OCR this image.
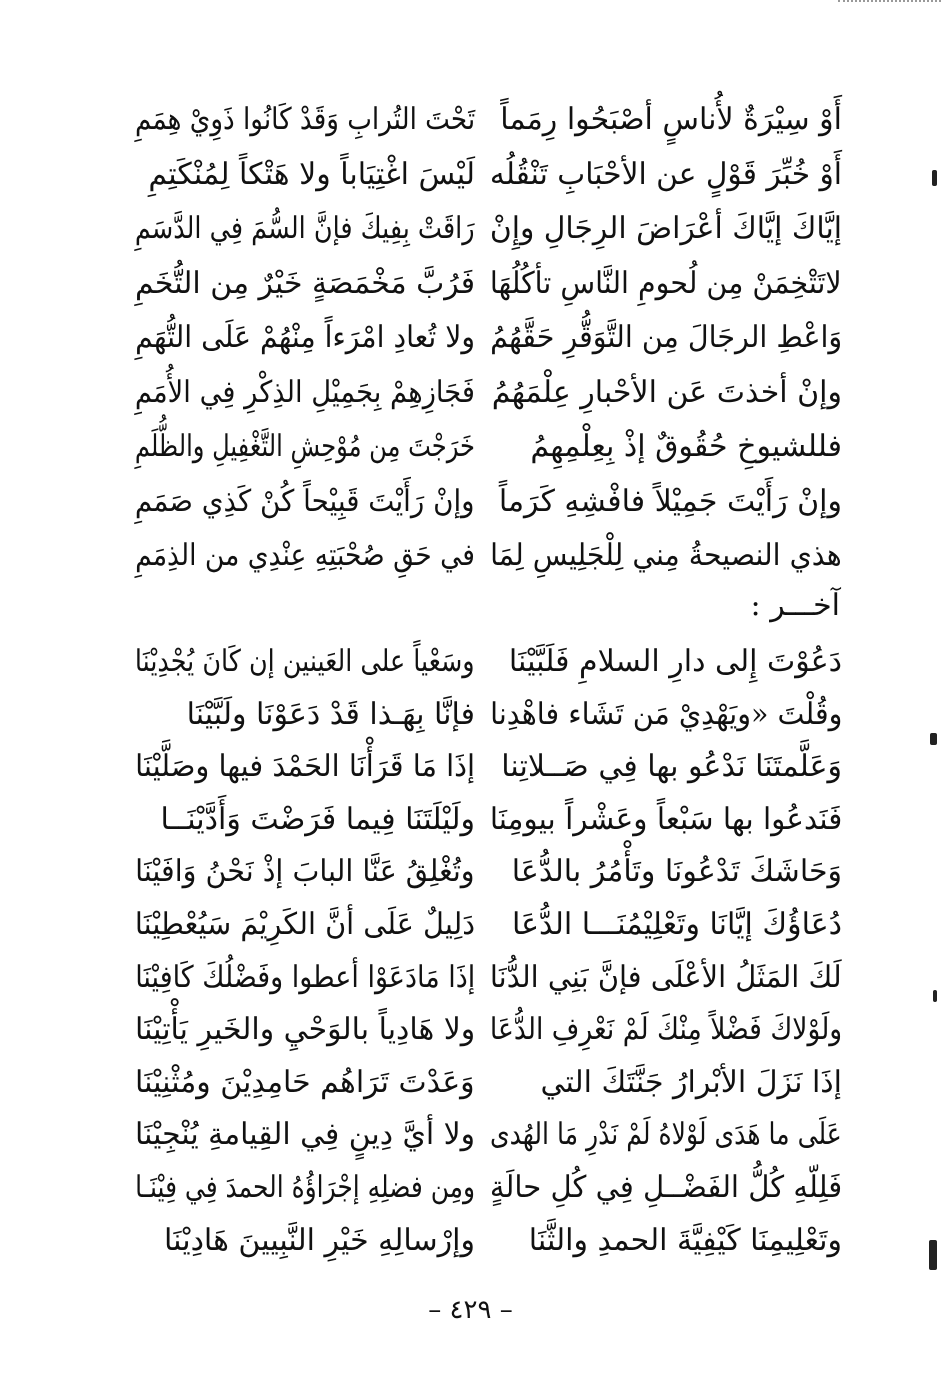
أَوْ سِيْرَةٌ لأُناسٍ أصْبَحُوا رِمَماً
تَحْتَ التُرابِ وَقَدْ كَانُوا ذَوِيْ هِمَمِ
أَوْ خُبِّرَ قَوْلٍ عن الأحْبَابِ تَنْقُلُه
لَيْسَ اغْتِيَاباً ولا هَتْكاً لِمُنْكَتِمِ
إيَّاكَ إيَّاكَ أعْرَاضَ الرِجَالِ وإِنْ
رَاقَتْ بِفِيكَ فإنَّ السُّمَ فِي الدَّسَمِ
لاتَتْخِمَنْ مِن لُحومِ النَّاسِ تأكُلُهَا
فَرُبَّ مَخْمَصَةٍ خَيْرٌ مِن التُّخَمِ
وَاعْطِ الرجَالَ مِن التَّوَقُّرِ حَقَّهُمُ
ولا تُعادِ امْرَءاً مِنْهُمْ عَلَى التُّهَمِ
وإنْ أخذتَ عَن الأحْبارِ عِلْمَهُمُ
فَجَازِهِمْ بِجَمِيْلِ الذِكْرِ فِي الأُمَمِ
فللشيوخِ حُقُوقٌ إذْ بِعِلْمِهِمُ
خَرَجْتَ مِن مُوْحِشِ التَّغْفِيلِ والظُّلَمِ
وإنْ رَأَيْتَ جَمِيْلاً فافْشِهِ كَرَماً
وإنْ رَأَيْتَ قَبِيْحاً كُنْ كَذِي صَمَمِ
هذي النصيحةُ مِني لِلْجَلِيسِ لِمَا
في حَقِ صُحْبَتِهِ عِنْدِي من الذِمَمِ
آخـــر :
دَعُوْتَ إِلى دارِ السلامِ فَلَبَّيْنَا
وسَعْياً على العَينين إن كَانَ يُجْدِيْنَا
وقُلْتَ «ويَهْدِيْ مَن تَشَاء فاهْدِنا
فإنَّا بِهَـذا قَدْ دَعَوْنَا ولَبَّيْنَا
وَعَلَّمتَنَا نَدْعُو بها فِي صَــلاتِنا
إذَا مَا قَرَأْنَا الحَمْدَ فيها وصَلَّيْنَا
فَنَدعُوا بها سَبْعاً وعَشْراً بيومِنَا
ولَيْلَتَنَا فِيما فَرَضْتَ وَأَدَّيْنَــا
وَحَاشَكَ تَدْعُونَا وتَأْمُرُ بالدُّعَا
وتُغْلِقُ عَنَّا البابَ إذْ نَحْنُ وَافَيْنَا
دُعَاؤُكَ إيَّانَا وتَعْلِيْمُنَـــا الدُّعَا
دَلِيلٌ عَلَى أنَّ الكَرِيْمَ سَيُعْطِيْنَا
لَكَ المَثَلُ الأعْلَى فإنَّ بَنِي الدُّنَا
إذَا مَادَعَوْا أعطوا وفَضْلُكَ كَافِيْنَا
ولَوْلاكَ فَضْلاً مِنْكَ لَمْ نَعْرِفِ الدُّعَا
ولا هَادِياً بالوَحْيِ والخَيرِ يَأْتِيْنَا
إذَا نَزَلَ الأبْرارُ جَنَّتَكَ التي
وَعَدْتَ تَرَاهُم حَامِدِيْنَ ومُثْنِيْنَا
عَلَى ما هَدَى لَوْلاهُ لَمْ نَدْرِ مَا الهُدى
ولا أيَّ دِينٍ فِي القِيامةِ يُنْجِيْنَا
فَلِلّهِ كُلُّ الفَضْــلِ فِي كُلِ حالَةٍ
ومِن فضلِهِ إجْرَاؤُهُ الحمدَ فِي فِيْنَـا
وتَعْلِيمِنَا كَيْفِيَّةَ الحمدِ والثَّنَا
وإرْسالِهِ خَيْرِ النَّبِيينَ هَادِيْنَا
– ٤٢٩ –
